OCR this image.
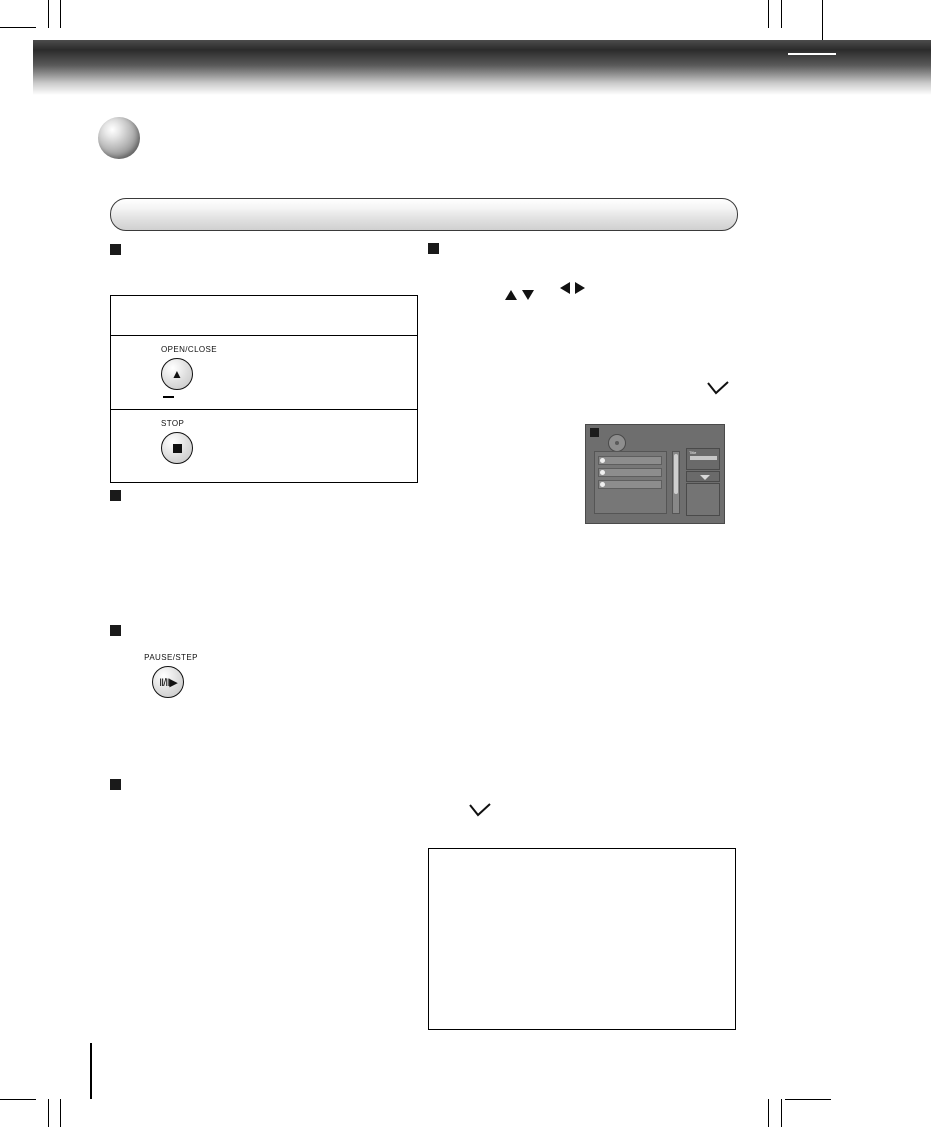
OPEN/CLOSE
▲
STOP
PAUSE/STEP
II/II▶
Title
